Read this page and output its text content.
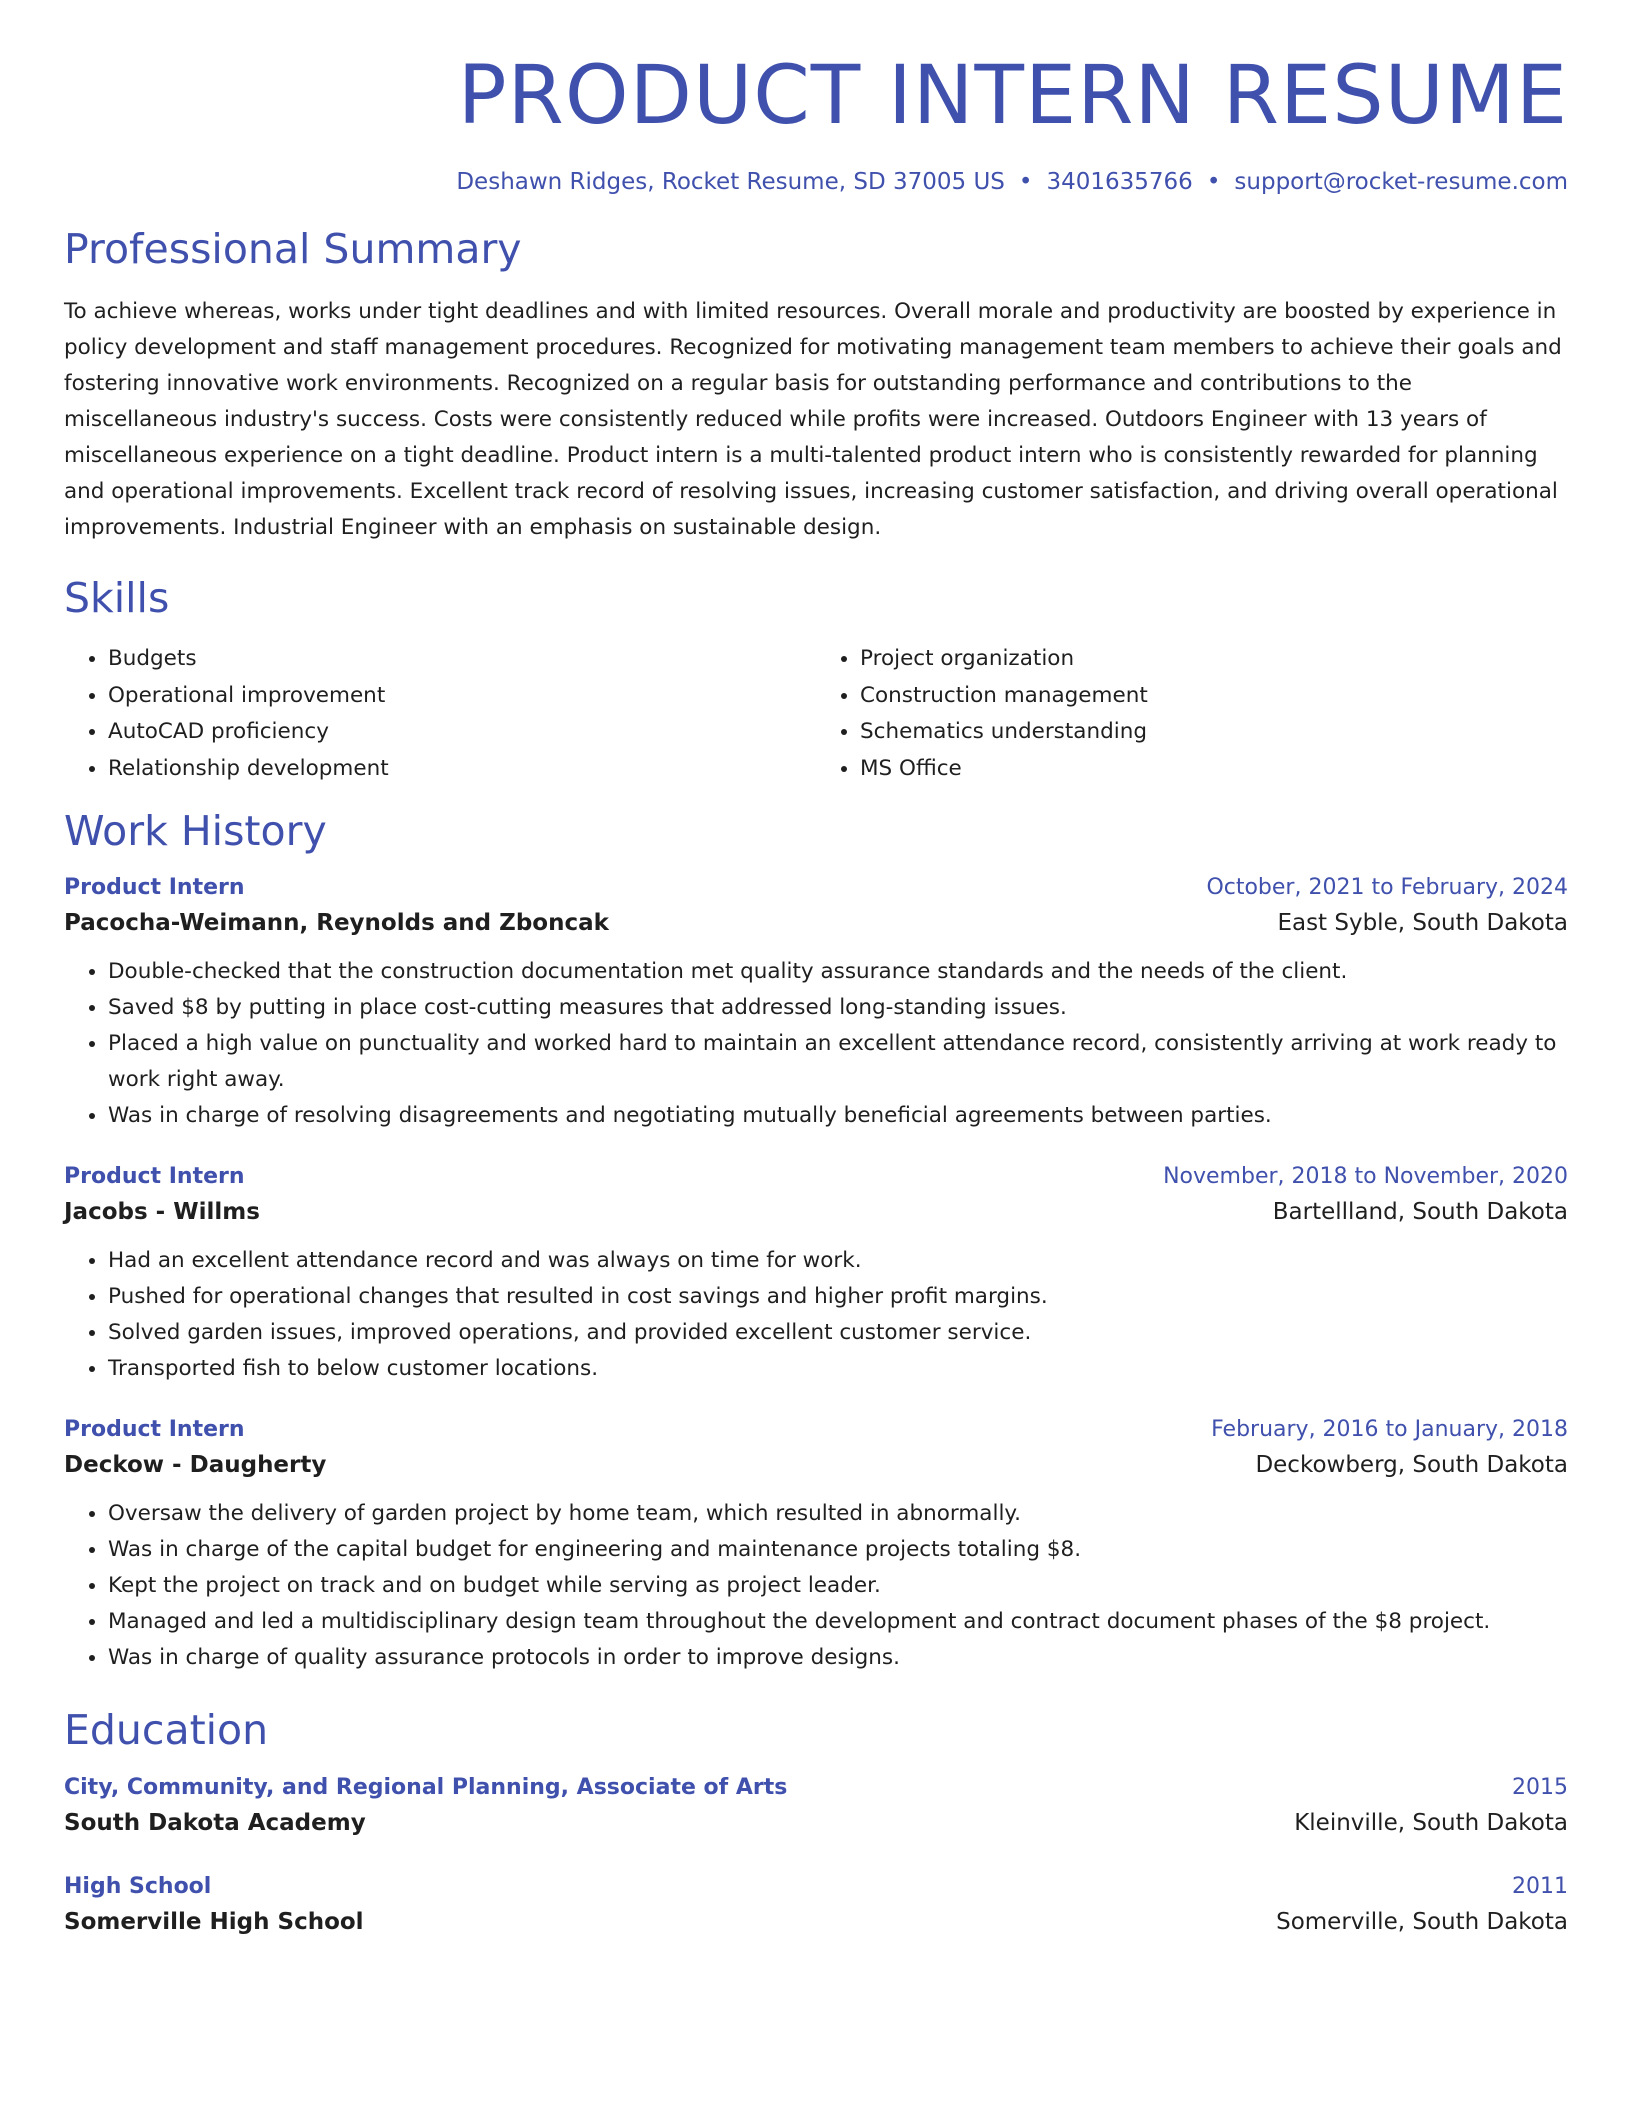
PRODUCT INTERN RESUME
Deshawn Ridges, Rocket Resume, SD 37005 US • 3401635766 • support@rocket-resume.com
Professional Summary
To achieve whereas, works under tight deadlines and with limited resources. Overall morale and productivity are boosted by experience in policy development and staff management procedures. Recognized for motivating management team members to achieve their goals and fostering innovative work environments. Recognized on a regular basis for outstanding performance and contributions to the miscellaneous industry's success. Costs were consistently reduced while profits were increased. Outdoors Engineer with 13 years of miscellaneous experience on a tight deadline. Product intern is a multi-talented product intern who is consistently rewarded for planning and operational improvements. Excellent track record of resolving issues, increasing customer satisfaction, and driving overall operational improvements. Industrial Engineer with an emphasis on sustainable design.
Skills
• Budgets
• Operational improvement
• AutoCAD proficiency
• Relationship development
• Project organization
• Construction management
• Schematics understanding
• MS Office
Work History
Product Intern	October, 2021 to February, 2024
Pacocha-Weimann, Reynolds and Zboncak	East Syble, South Dakota
• Double-checked that the construction documentation met quality assurance standards and the needs of the client.
• Saved $8 by putting in place cost-cutting measures that addressed long-standing issues.
• Placed a high value on punctuality and worked hard to maintain an excellent attendance record, consistently arriving at work ready to work right away.
• Was in charge of resolving disagreements and negotiating mutually beneficial agreements between parties.
Product Intern	November, 2018 to November, 2020
Jacobs - Willms	Bartellland, South Dakota
• Had an excellent attendance record and was always on time for work.
• Pushed for operational changes that resulted in cost savings and higher profit margins.
• Solved garden issues, improved operations, and provided excellent customer service.
• Transported fish to below customer locations.
Product Intern	February, 2016 to January, 2018
Deckow - Daugherty	Deckowberg, South Dakota
• Oversaw the delivery of garden project by home team, which resulted in abnormally.
• Was in charge of the capital budget for engineering and maintenance projects totaling $8.
• Kept the project on track and on budget while serving as project leader.
• Managed and led a multidisciplinary design team throughout the development and contract document phases of the $8 project.
• Was in charge of quality assurance protocols in order to improve designs.
Education
City, Community, and Regional Planning, Associate of Arts	2015
South Dakota Academy	Kleinville, South Dakota
High School	2011
Somerville High School	Somerville, South Dakota
